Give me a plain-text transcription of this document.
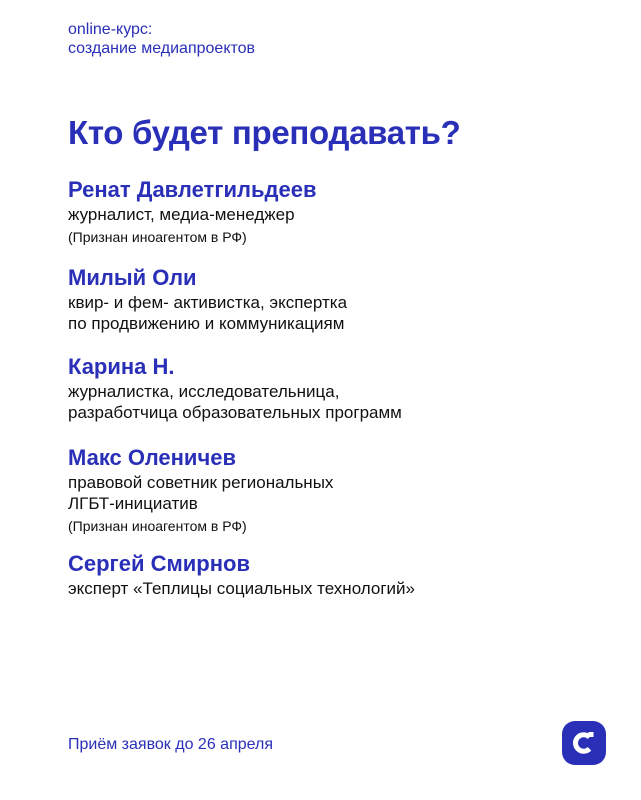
online-курс:
создание медиапроектов
Кто будет преподавать?
Ренат Давлетгильдеев
журналист, медиа-менеджер
(Признан иноагентом в РФ)
Милый Оли
квир- и фем- активистка, экспертка
по продвижению и коммуникациям
Карина Н.
журналистка, исследовательница,
разработчица образовательных программ
Макс Оленичев
правовой советник региональных
ЛГБТ-инициатив
(Признан иноагентом в РФ)
Сергей Смирнов
эксперт «Теплицы социальных технологий»
Приём заявок до 26 апреля
